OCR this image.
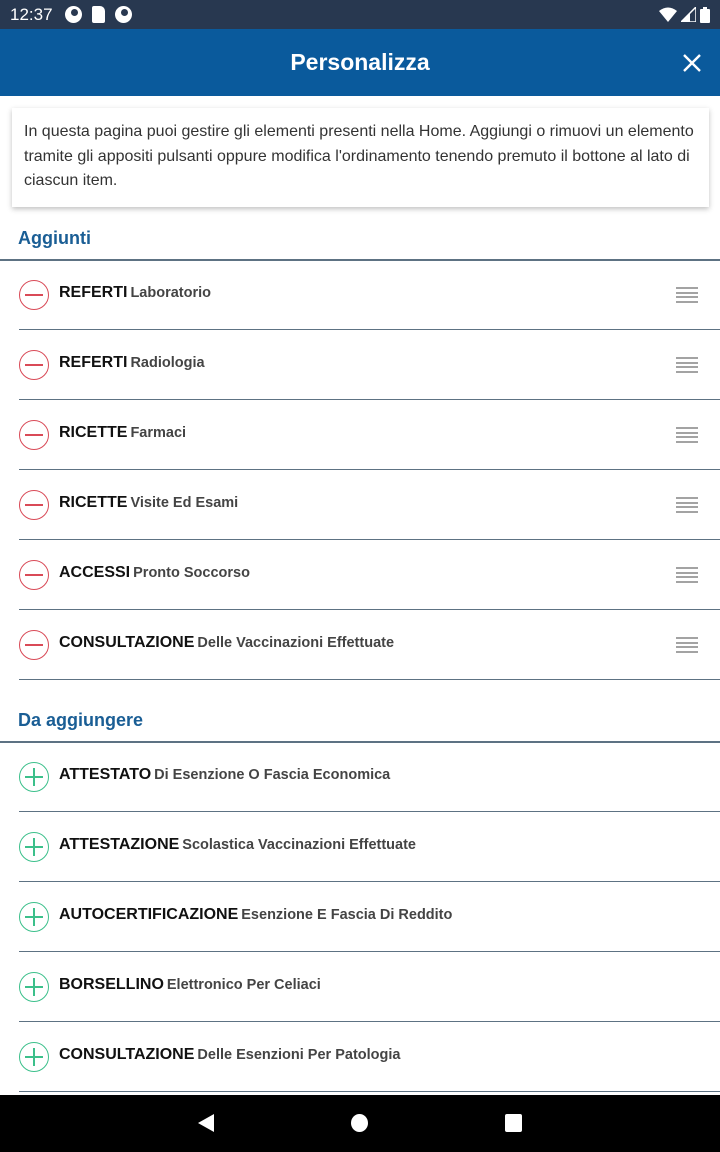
12:37
Personalizza
In questa pagina puoi gestire gli elementi presenti nella Home. Aggiungi o rimuovi un elemento tramite gli appositi pulsanti oppure modifica l'ordinamento tenendo premuto il bottone al lato di ciascun item.
Aggiunti
REFERTI Laboratorio
REFERTI Radiologia
RICETTE Farmaci
RICETTE Visite Ed Esami
ACCESSI Pronto Soccorso
CONSULTAZIONE Delle Vaccinazioni Effettuate
Da aggiungere
ATTESTATO Di Esenzione O Fascia Economica
ATTESTAZIONE Scolastica Vaccinazioni Effettuate
AUTOCERTIFICAZIONE Esenzione E Fascia Di Reddito
BORSELLINO Elettronico Per Celiaci
CONSULTAZIONE Delle Esenzioni Per Patologia
